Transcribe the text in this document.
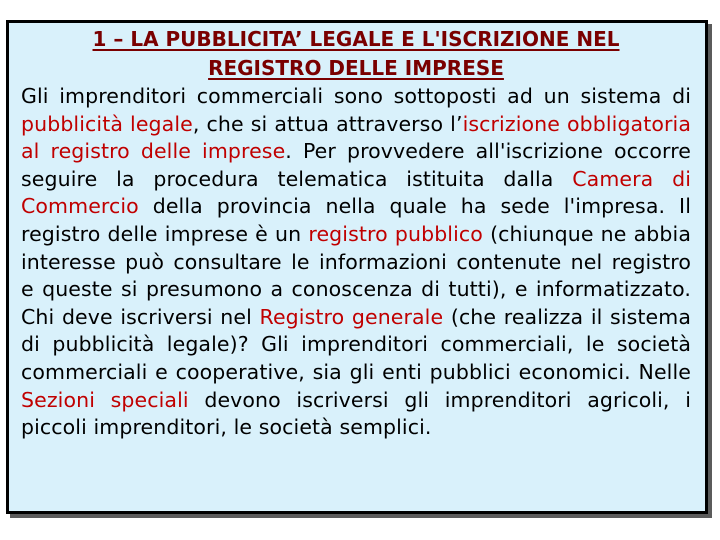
1 – LA PUBBLICITA’ LEGALE E L'ISCRIZIONE NEL
REGISTRO DELLE IMPRESE

Gli imprenditori commerciali sono sottoposti ad un sistema di pubblicità legale, che si attua attraverso l’iscrizione obbligatoria al registro delle imprese. Per provvedere all'iscrizione occorre seguire la procedura telematica istituita dalla Camera di Commercio della provincia nella quale ha sede l'impresa. Il registro delle imprese è un registro pubblico (chiunque ne abbia interesse può consultare le informazioni contenute nel registro e queste si presumono a conoscenza di tutti), e informatizzato. Chi deve iscriversi nel Registro generale (che realizza il sistema di pubblicità legale)? Gli imprenditori commerciali, le società commerciali e cooperative, sia gli enti pubblici economici. Nelle Sezioni speciali devono iscriversi gli imprenditori agricoli, i piccoli imprenditori, le società semplici.
